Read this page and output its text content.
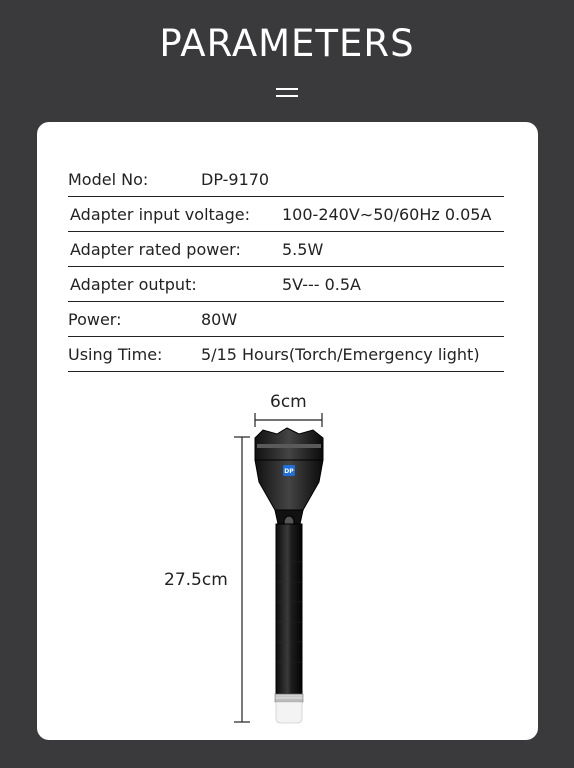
PARAMETERS
Model No:	DP-9170
Adapter input voltage: 100-240V∼50/60Hz 0.05A
Adapter rated power:	5.5W
Adapter output:	5V--- 0.5A
Power:	80W
Using Time: 5/15 Hours(Torch/Emergency light)
6cm
27.5cm
DP
